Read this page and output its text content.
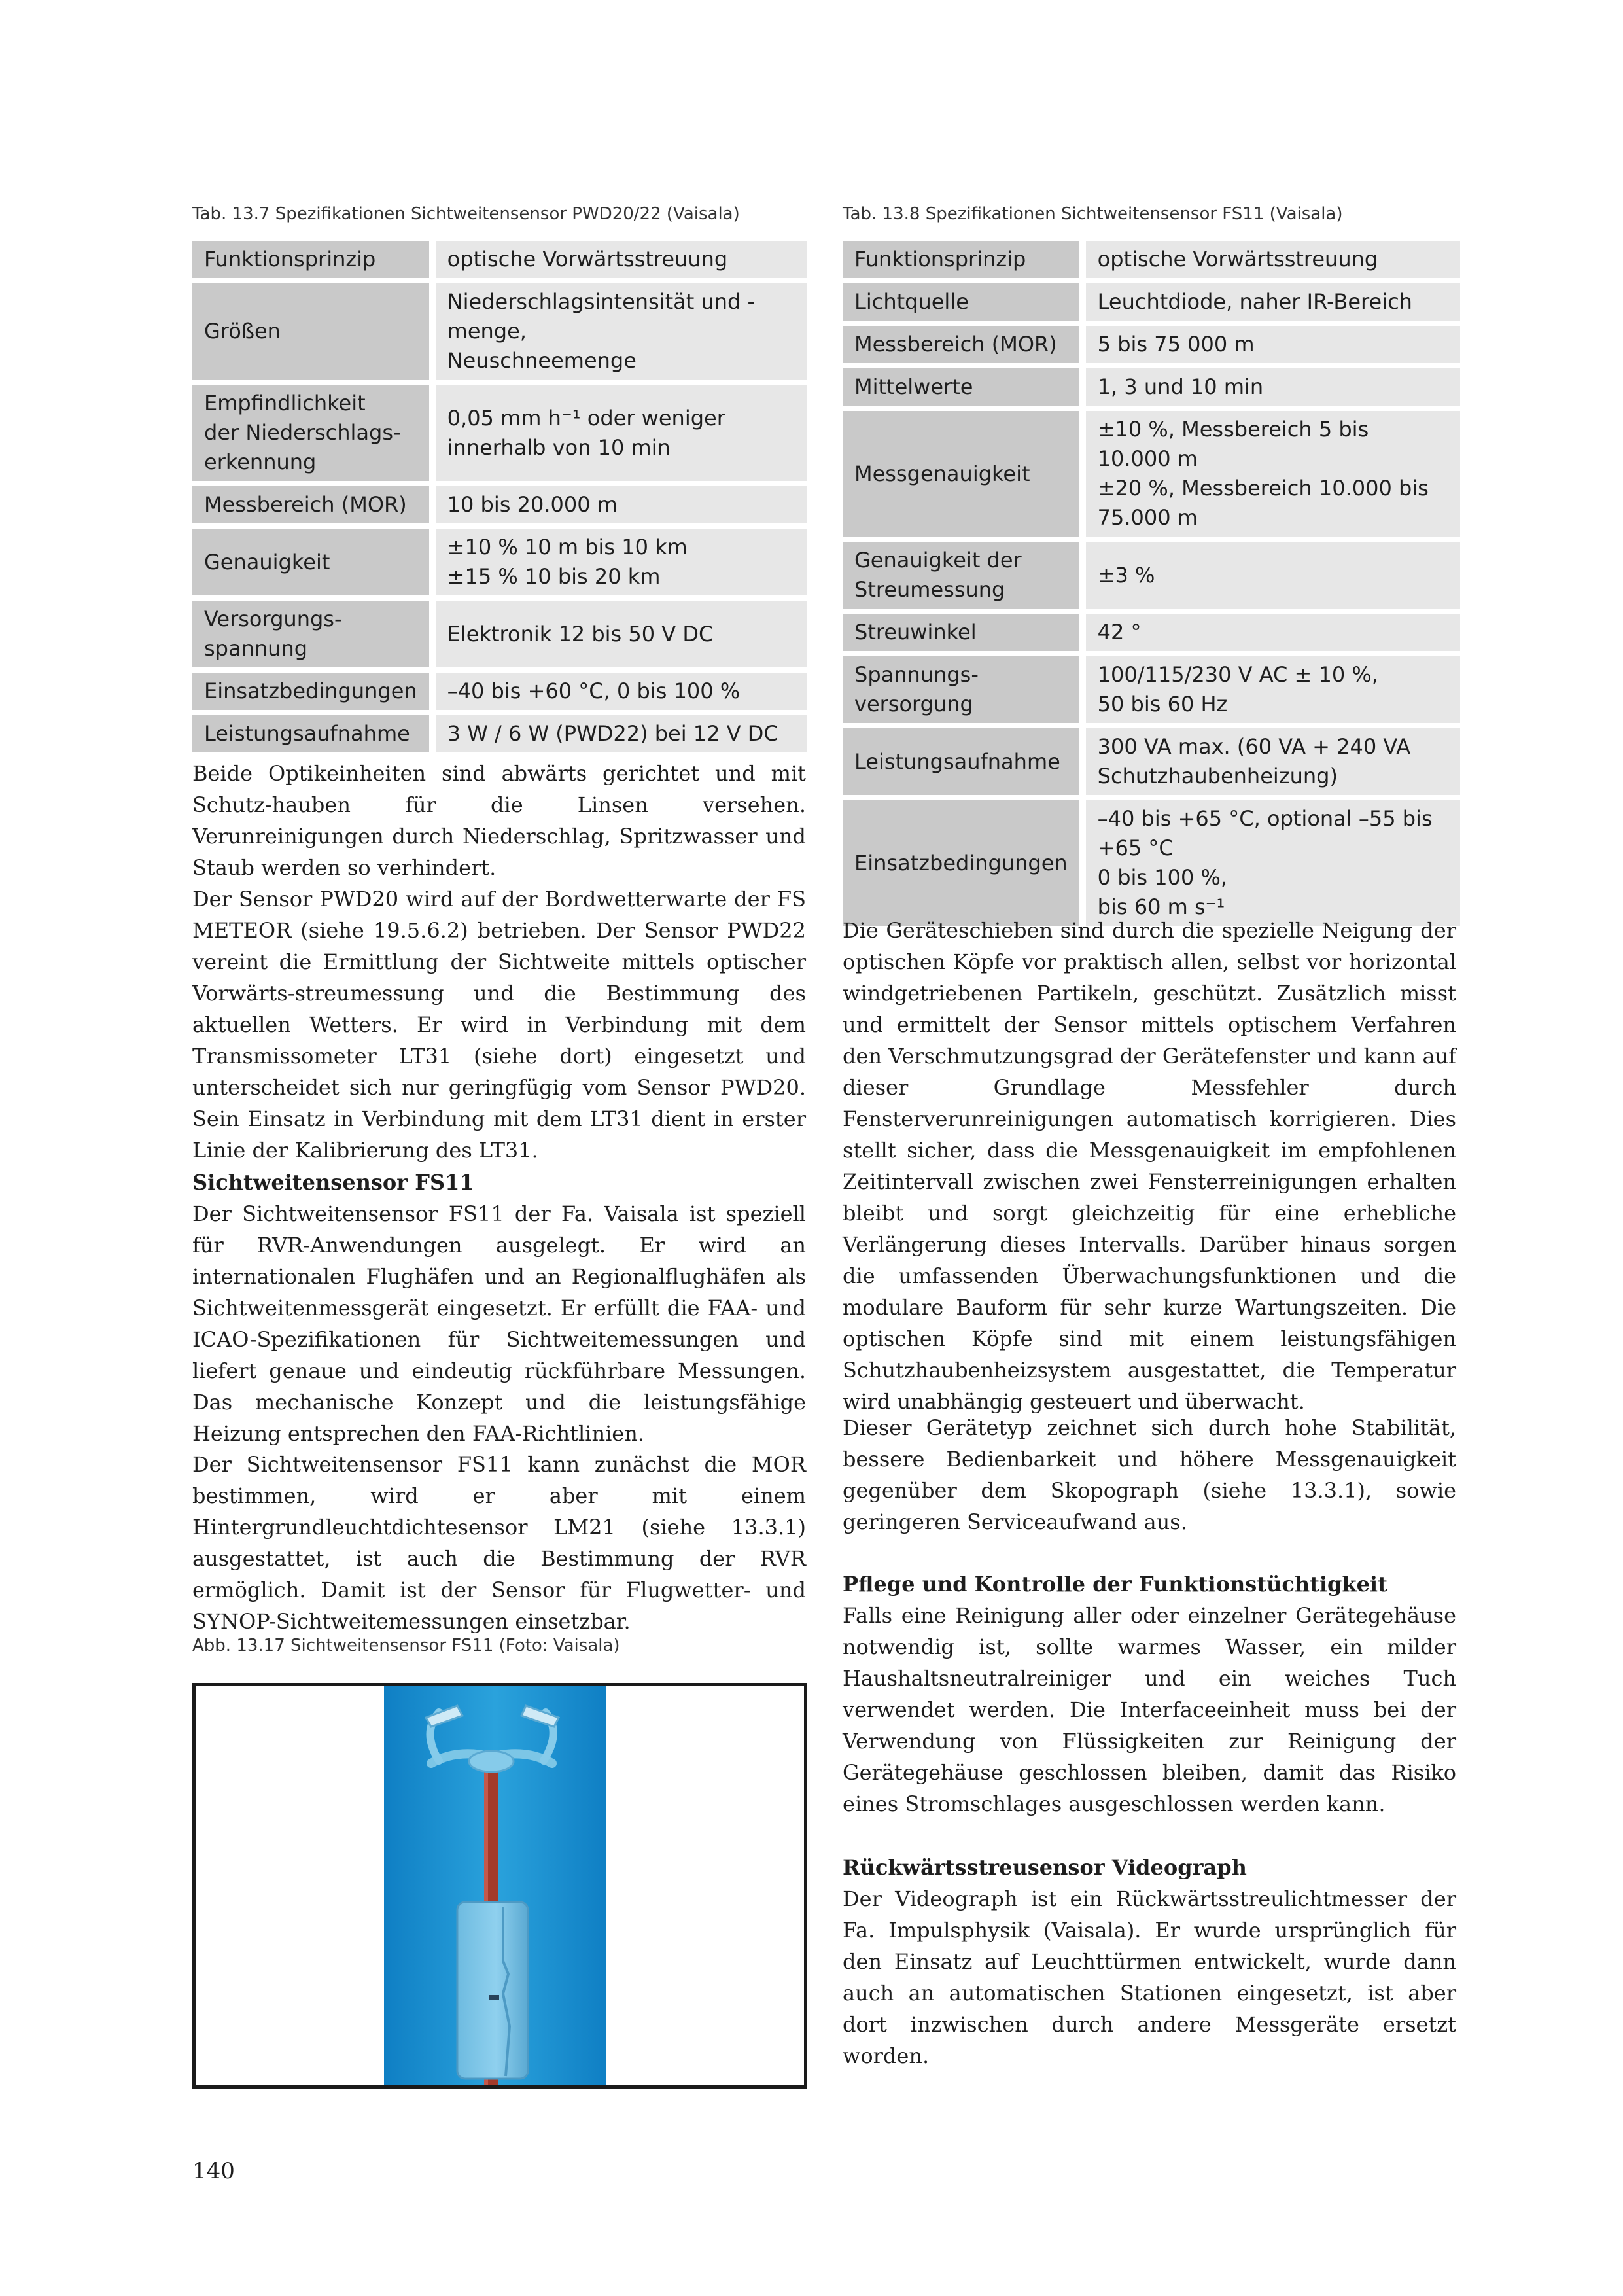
Tab. 13.7 Spezifikationen Sichtweitensensor PWD20/22 (Vaisala)
Funktionsprinzip	optische Vorwärtsstreuung
Größen	Niederschlagsintensität und -menge,
Neuschneemenge
Empfindlichkeit
der Niederschlags-
erkennung	0,05 mm h⁻¹ oder weniger
innerhalb von 10 min
Messbereich (MOR)	10 bis 20.000 m
Genauigkeit	±10 % 10 m bis 10 km
±15 % 10 bis 20 km
Versorgungs-
spannung	Elektronik 12 bis 50 V DC
Einsatzbedingungen	–40 bis +60 °C, 0 bis 100 %
Leistungsaufnahme	3 W / 6 W (PWD22) bei 12 V DC

Beide Optikeinheiten sind abwärts gerichtet und mit Schutz-hauben für die Linsen versehen. Verunreinigungen durch Niederschlag, Spritzwasser und Staub werden so verhindert.

Der Sensor PWD20 wird auf der Bordwetterwarte der FS METEOR (siehe 19.5.6.2) betrieben. Der Sensor PWD22 vereint die Ermittlung der Sichtweite mittels optischer Vorwärts-streumessung und die Bestimmung des aktuellen Wetters. Er wird in Verbindung mit dem Transmissometer LT31 (siehe dort) eingesetzt und unterscheidet sich nur geringfügig vom Sensor PWD20. Sein Einsatz in Verbindung mit dem LT31 dient in erster Linie der Kalibrierung des LT31.

Sichtweitensensor FS11

Der Sichtweitensensor FS11 der Fa. Vaisala ist speziell für RVR-Anwendungen ausgelegt. Er wird an internationalen Flughäfen und an Regionalflughäfen als Sichtweitenmessgerät eingesetzt. Er erfüllt die FAA- und ICAO-Spezifikationen für Sichtweitemessungen und liefert genaue und eindeutig rückführbare Messungen. Das mechanische Konzept und die leistungsfähige Heizung entsprechen den FAA-Richtlinien.

Der Sichtweitensensor FS11 kann zunächst die MOR bestimmen, wird er aber mit einem Hintergrundleuchtdichtesensor LM21 (siehe 13.3.1) ausgestattet, ist auch die Bestimmung der RVR ermöglich. Damit ist der Sensor für Flugwetter- und SYNOP-Sichtweitemessungen einsetzbar.

Abb. 13.17 Sichtweitensensor FS11 (Foto: Vaisala)
140
Tab. 13.8 Spezifikationen Sichtweitensensor FS11 (Vaisala)
Funktionsprinzip	optische Vorwärtsstreuung
Lichtquelle	Leuchtdiode, naher IR-Bereich
Messbereich (MOR)	5 bis 75 000 m
Mittelwerte	1, 3 und 10 min
Messgenauigkeit	±10 %, Messbereich 5 bis 10.000 m
±20 %, Messbereich 10.000 bis
75.000 m
Genauigkeit der
Streumessung	±3 %
Streuwinkel	42 °
Spannungs-
versorgung	100/115/230 V AC ± 10 %,
50 bis 60 Hz
Leistungsaufnahme	300 VA max. (60 VA + 240 VA
Schutzhaubenheizung)
Einsatzbedingungen	–40 bis +65 °C, optional –55 bis +65 °C
0 bis 100 %,
bis 60 m s⁻¹

Die Geräteschieben sind durch die spezielle Neigung der optischen Köpfe vor praktisch allen, selbst vor horizontal windgetriebenen Partikeln, geschützt. Zusätzlich misst und ermittelt der Sensor mittels optischem Verfahren den Verschmutzungsgrad der Gerätefenster und kann auf dieser Grundlage Messfehler durch Fensterverunreinigungen automatisch korrigieren. Dies stellt sicher, dass die Messgenauigkeit im empfohlenen Zeitintervall zwischen zwei Fensterreinigungen erhalten bleibt und sorgt gleichzeitig für eine erhebliche Verlängerung dieses Intervalls. Darüber hinaus sorgen die umfassenden Überwachungsfunktionen und die modulare Bauform für sehr kurze Wartungszeiten. Die optischen Köpfe sind mit einem leistungsfähigen Schutzhaubenheizsystem ausgestattet, die Temperatur wird unabhängig gesteuert und überwacht.

Dieser Gerätetyp zeichnet sich durch hohe Stabilität, bessere Bedienbarkeit und höhere Messgenauigkeit gegenüber dem Skopograph (siehe 13.3.1), sowie geringeren Serviceaufwand aus.

Pflege und Kontrolle der Funktionstüchtigkeit

Falls eine Reinigung aller oder einzelner Gerätegehäuse notwendig ist, sollte warmes Wasser, ein milder Haushaltsneutralreiniger und ein weiches Tuch verwendet werden. Die Interfaceeinheit muss bei der Verwendung von Flüssigkeiten zur Reinigung der Gerätegehäuse geschlossen bleiben, damit das Risiko eines Stromschlages ausgeschlossen werden kann.

Rückwärtsstreusensor Videograph

Der Videograph ist ein Rückwärtsstreulichtmesser der Fa. Impulsphysik (Vaisala). Er wurde ursprünglich für den Einsatz auf Leuchttürmen entwickelt, wurde dann auch an automatischen Stationen eingesetzt, ist aber dort inzwischen durch andere Messgeräte ersetzt worden.
